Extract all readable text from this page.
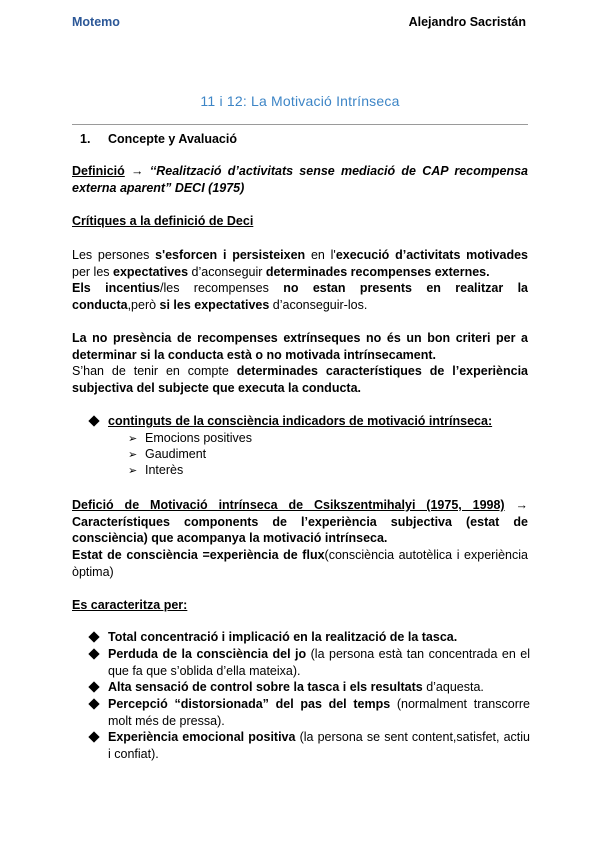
Motemo	Alejandro Sacristán
11 i 12: La Motivació Intrínseca
1. Concepte y Avaluació
Definició → ‘‘Realització d’activitats sense mediació de CAP recompensa externa aparent” DECI (1975)
Crítiques a la definició de Deci
Les persones s'esforcen i persisteixen en l'execució d’activitats motivades per les expectatives d’aconseguir determinades recompenses externes.
Els incentius/les recompenses no estan presents en realitzar la conducta,però si les expectatives d’aconseguir-los.
La no presència de recompenses extrínseques no és un bon criteri per a determinar si la conducta està o no motivada intrínsecament.
S’han de tenir en compte determinades característiques de l’experiència subjectiva del subjecte que executa la conducta.
continguts de la consciència indicadors de motivació intrínseca:
➢ Emocions positives
➢ Gaudiment
➢ Interès
Defició de Motivació intrínseca de Csikszentmihalyi (1975, 1998) → Característiques components de l’experiència subjectiva (estat de consciència) que acompanya la motivació intrínseca.
Estat de consciència =experiència de flux(consciència autotèlica i experiència òptima)
Es caracteritza per:
Total concentració i implicació en la realització de la tasca.
Perduda de la consciència del jo (la persona està tan concentrada en el que fa que s’oblida d’ella mateixa).
Alta sensació de control sobre la tasca i els resultats d’aquesta.
Percepció “distorsionada” del pas del temps (normalment transcorre molt més de pressa).
Experiència emocional positiva (la persona se sent content,satisfet, actiu i confiat).
